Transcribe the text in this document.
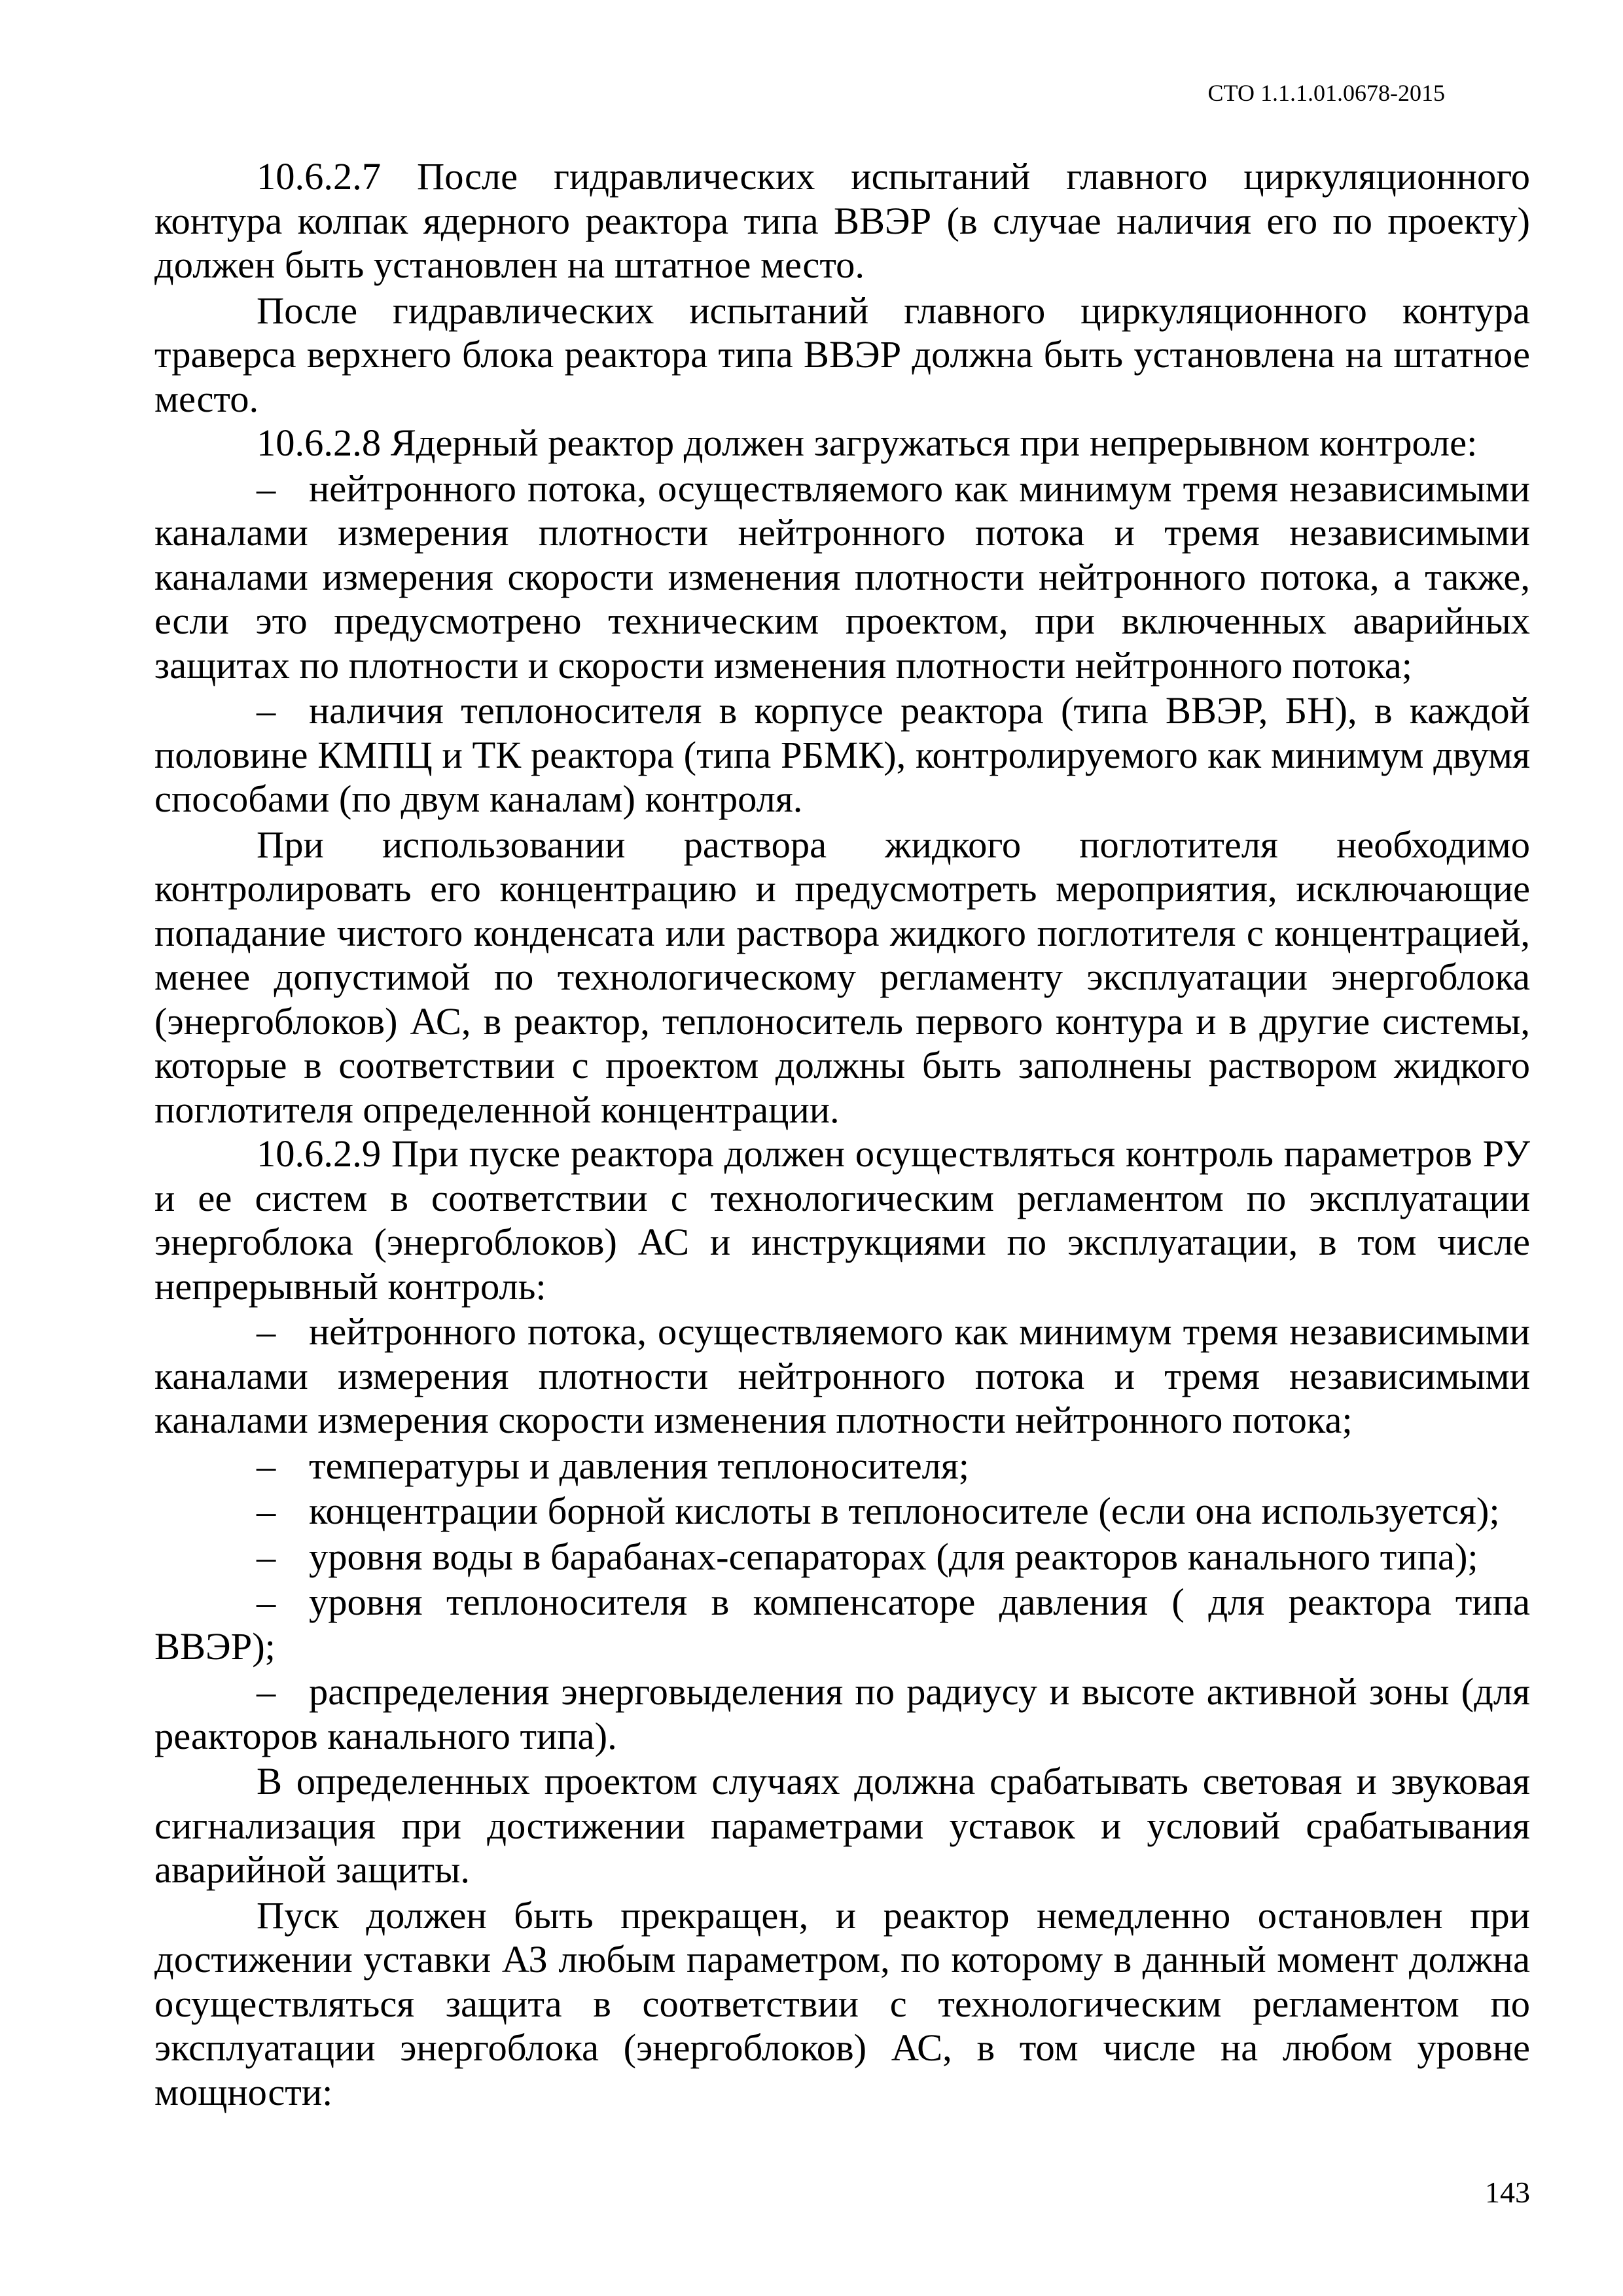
СТО 1.1.1.01.0678-2015

10.6.2.7 После гидравлических испытаний главного циркуляционного контура колпак ядерного реактора типа ВВЭР (в случае наличия его по проекту) должен быть установлен на штатное место.

После гидравлических испытаний главного циркуляционного контура траверса верхнего блока реактора типа ВВЭР должна быть установлена на штатное место.

10.6.2.8 Ядерный реактор должен загружаться при непрерывном контроле:

– нейтронного потока, осуществляемого как минимум тремя независимыми каналами измерения плотности нейтронного потока и тремя независимыми каналами измерения скорости изменения плотности нейтронного потока, а также, если это предусмотрено техническим проектом, при включенных аварийных защитах по плотности и скорости изменения плотности нейтронного потока;

– наличия теплоносителя в корпусе реактора (типа ВВЭР, БН), в каждой половине КМПЦ и ТК реактора (типа РБМК), контролируемого как минимум двумя способами (по двум каналам) контроля.

При использовании раствора жидкого поглотителя необходимо контролировать его концентрацию и предусмотреть мероприятия, исключающие попадание чистого конденсата или раствора жидкого поглотителя с концентрацией, менее допустимой по технологическому регламенту эксплуатации энергоблока (энергоблоков) АС, в реактор, теплоноситель первого контура и в другие системы, которые в соответствии с проектом должны быть заполнены раствором жидкого поглотителя определенной концентрации.

10.6.2.9 При пуске реактора должен осуществляться контроль параметров РУ и ее систем в соответствии с технологическим регламентом по эксплуатации энергоблока (энергоблоков) АС и инструкциями по эксплуатации, в том числе непрерывный контроль:

– нейтронного потока, осуществляемого как минимум тремя независимыми каналами измерения плотности нейтронного потока и тремя независимыми каналами измерения скорости изменения плотности нейтронного потока;

– температуры и давления теплоносителя;

– концентрации борной кислоты в теплоносителе (если она используется);

– уровня воды в барабанах-сепараторах (для реакторов канального типа);

– уровня теплоносителя в компенсаторе давления ( для реактора типа ВВЭР);

– распределения энерговыделения по радиусу и высоте активной зоны (для реакторов канального типа).

В определенных проектом случаях должна срабатывать световая и звуковая сигнализация при достижении параметрами уставок и условий срабатывания аварийной защиты.

Пуск должен быть прекращен, и реактор немедленно остановлен при достижении уставки АЗ любым параметром, по которому в данный момент должна осуществляться защита в соответствии с технологическим регламентом по эксплуатации энергоблока (энергоблоков) АС, в том числе на любом уровне мощности:

143
